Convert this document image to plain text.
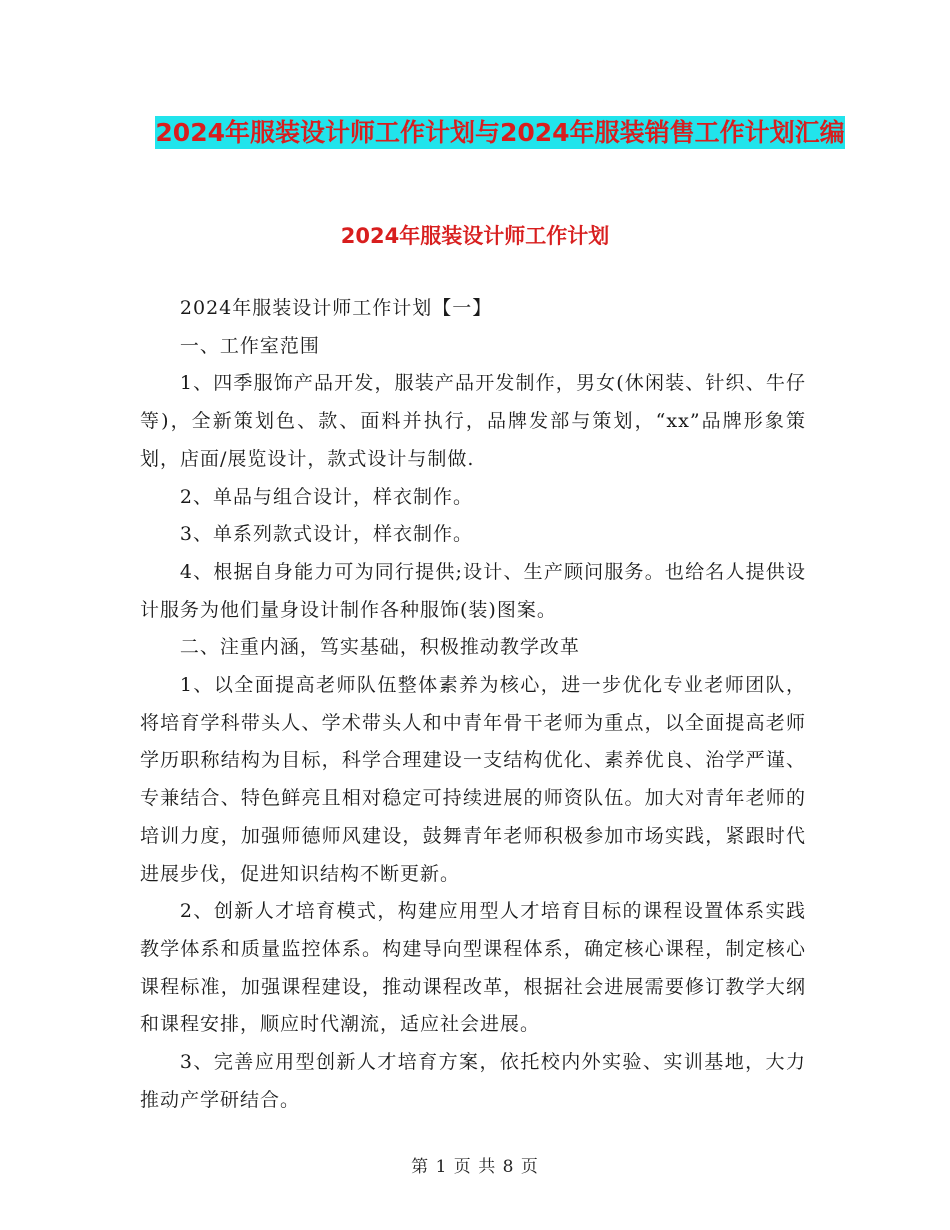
2024年服装设计师工作计划与2024年服装销售工作计划汇编
2024年服装设计师工作计划

2024年服装设计师工作计划【一】

一、工作室范围

1、四季服饰产品开发，服装产品开发制作，男女(休闲装、针织、牛仔等)，全新策划色、款、面料并执行，品牌发部与策划，“xx”品牌形象策划，店面/展览设计，款式设计与制做.

2、单品与组合设计，样衣制作。

3、单系列款式设计，样衣制作。

4、根据自身能力可为同行提供;设计、生产顾问服务。也给名人提供设计服务为他们量身设计制作各种服饰(装)图案。

二、注重内涵，笃实基础，积极推动教学改革

1、以全面提高老师队伍整体素养为核心，进一步优化专业老师团队，将培育学科带头人、学术带头人和中青年骨干老师为重点，以全面提高老师学历职称结构为目标，科学合理建设一支结构优化、素养优良、治学严谨、专兼结合、特色鲜亮且相对稳定可持续进展的师资队伍。加大对青年老师的培训力度，加强师德师风建设，鼓舞青年老师积极参加市场实践，紧跟时代进展步伐，促进知识结构不断更新。

2、创新人才培育模式，构建应用型人才培育目标的课程设置体系实践教学体系和质量监控体系。构建导向型课程体系，确定核心课程，制定核心课程标准，加强课程建设，推动课程改革，根据社会进展需要修订教学大纲和课程安排，顺应时代潮流，适应社会进展。

3、完善应用型创新人才培育方案，依托校内外实验、实训基地，大力推动产学研结合。

第 1 页 共 8 页
